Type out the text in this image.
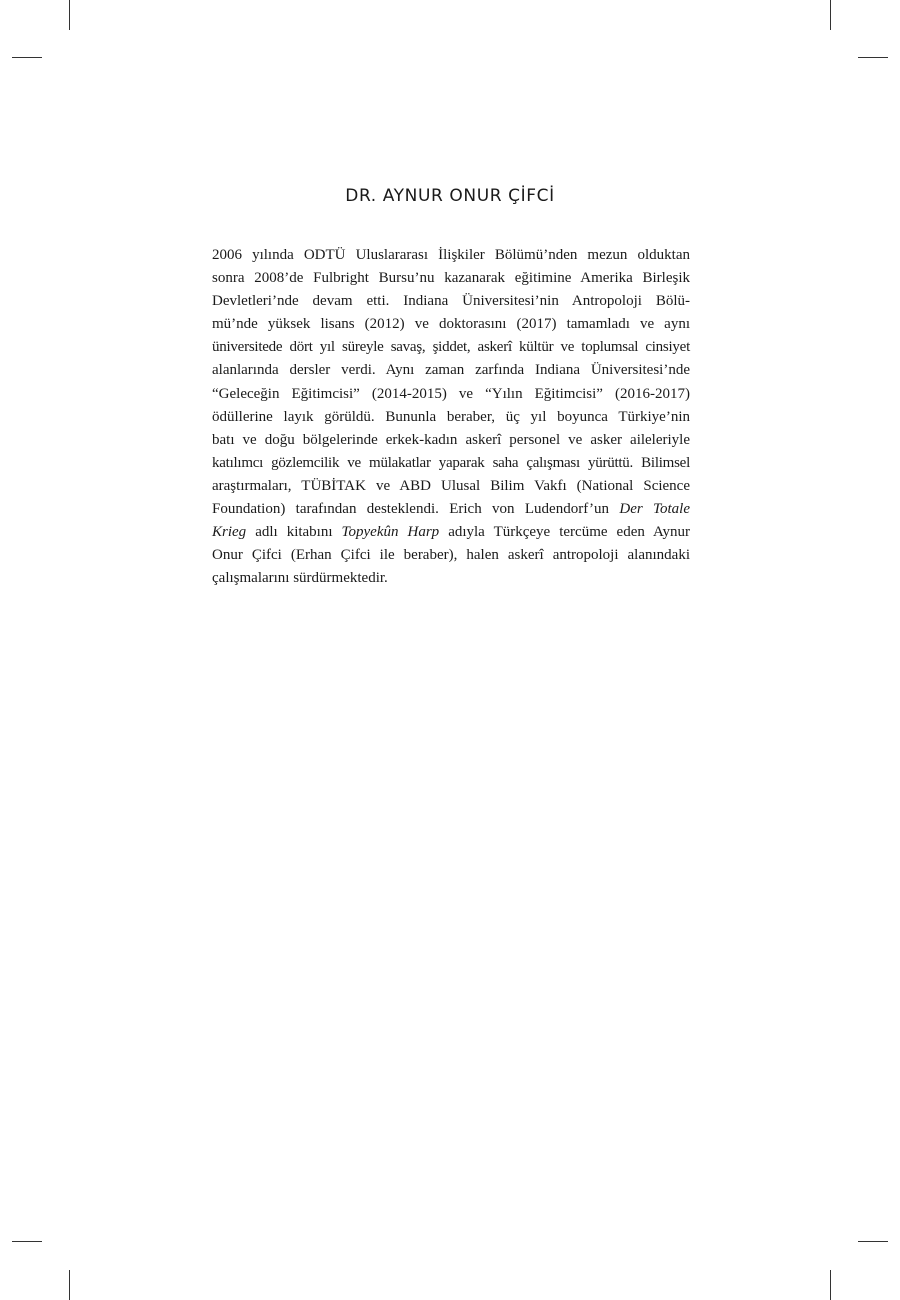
DR. AYNUR ONUR ÇİFCİ
2006 yılında ODTÜ Uluslararası İlişkiler Bölümü’nden mezun olduktan
sonra 2008’de Fulbright Bursu’nu kazanarak eğitimine Amerika Birleşik
Devletleri’nde devam etti. Indiana Üniversitesi’nin Antropoloji Bölü-
mü’nde yüksek lisans (2012) ve doktorasını (2017) tamamladı ve aynı
üniversitede dört yıl süreyle savaş, şiddet, askerî kültür ve toplumsal cinsiyet
alanlarında dersler verdi. Aynı zaman zarfında Indiana Üniversitesi’nde
“Geleceğin Eğitimcisi” (2014-2015) ve “Yılın Eğitimcisi” (2016-2017)
ödüllerine layık görüldü. Bununla beraber, üç yıl boyunca Türkiye’nin
batı ve doğu bölgelerinde erkek-kadın askerî personel ve asker aileleriyle
katılımcı gözlemcilik ve mülakatlar yaparak saha çalışması yürüttü. Bilimsel
araştırmaları, TÜBİTAK ve ABD Ulusal Bilim Vakfı (National Science
Foundation) tarafından desteklendi. Erich von Ludendorf’un Der Totale
Krieg adlı kitabını Topyekûn Harp adıyla Türkçeye tercüme eden Aynur
Onur Çifci (Erhan Çifci ile beraber), halen askerî antropoloji alanındaki
çalışmalarını sürdürmektedir.
